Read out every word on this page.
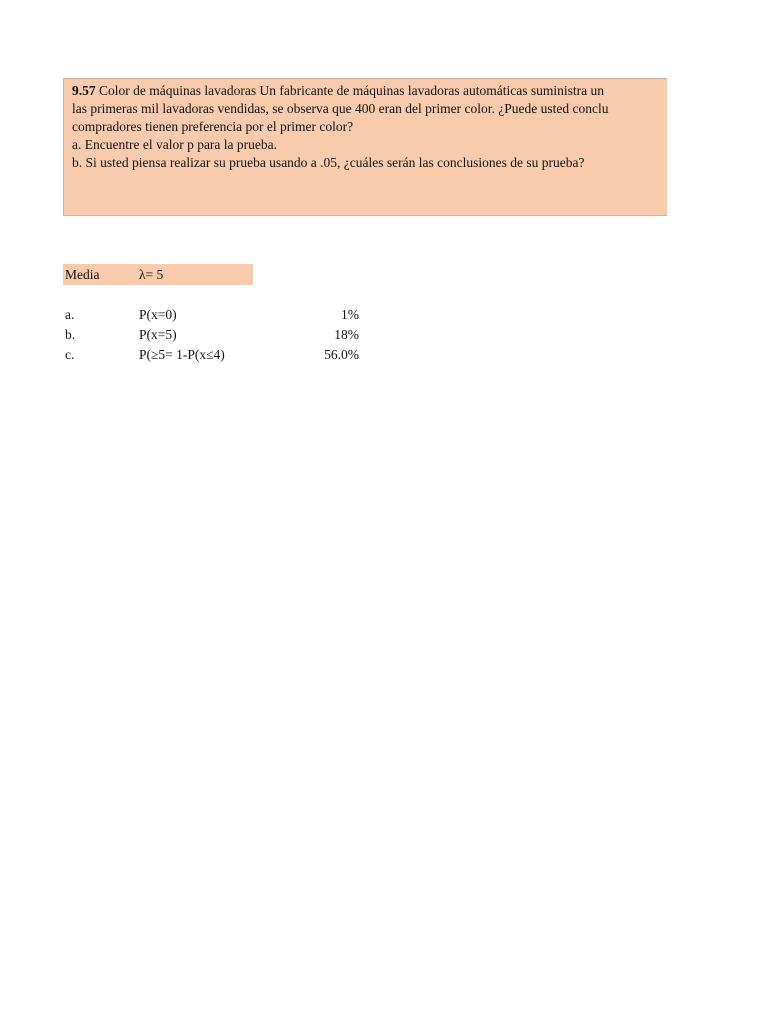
9.57 Color de máquinas lavadoras Un fabricante de máquinas lavadoras automáticas suministra un
las primeras mil lavadoras vendidas, se observa que 400 eran del primer color. ¿Puede usted conclu
compradores tienen preferencia por el primer color?
a. Encuentre el valor p para la prueba.
b. Si usted piensa realizar su prueba usando a .05, ¿cuáles serán las conclusiones de su prueba?
Media	λ= 5
a.	P(x=0)	1%
b.	P(x=5)	18%
c.	P(≥5= 1-P(x≤4)	56.0%
